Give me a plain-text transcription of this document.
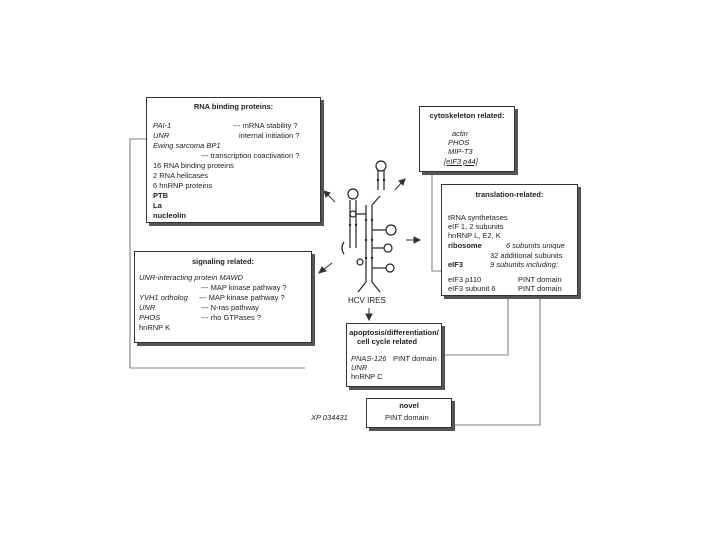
HCV IRES
RNA binding proteins:
PAI-1	--- mRNA stability ?
UNR	internal initiation ?
Ewing sarcoma BP1
--- transcription coactivation ?
16 RNA binding proteins
2 RNA helicases
6 hnRNP proteins
PTB
La
nucleolin
cytoskeleton related:
actin
PHOS
MIP-T3
[eIF3 p44]
translation-related:
tRNA synthetases
eIF 1, 2 subunits
hnRNP L, E2, K
ribosome	6 subunits unique
32 additional subunits
eIF3	9 subunits including:
eIF3 p110	PINT domain
eIF3 subunit 6	PINT domain
signaling related:
UNR-interacting protein MAWD
--- MAP kinase pathway ?
YVH1 ortholog --- MAP kinase pathway ?
UNR	--- N-ras pathway
PHOS	--- rho GTPases ?
hnRNP K
apoptosis/differentiation/
cell cycle related
PNAS-126 PINT domain
UNR
hnRNP C
novel
XP 034431	PINT domain
